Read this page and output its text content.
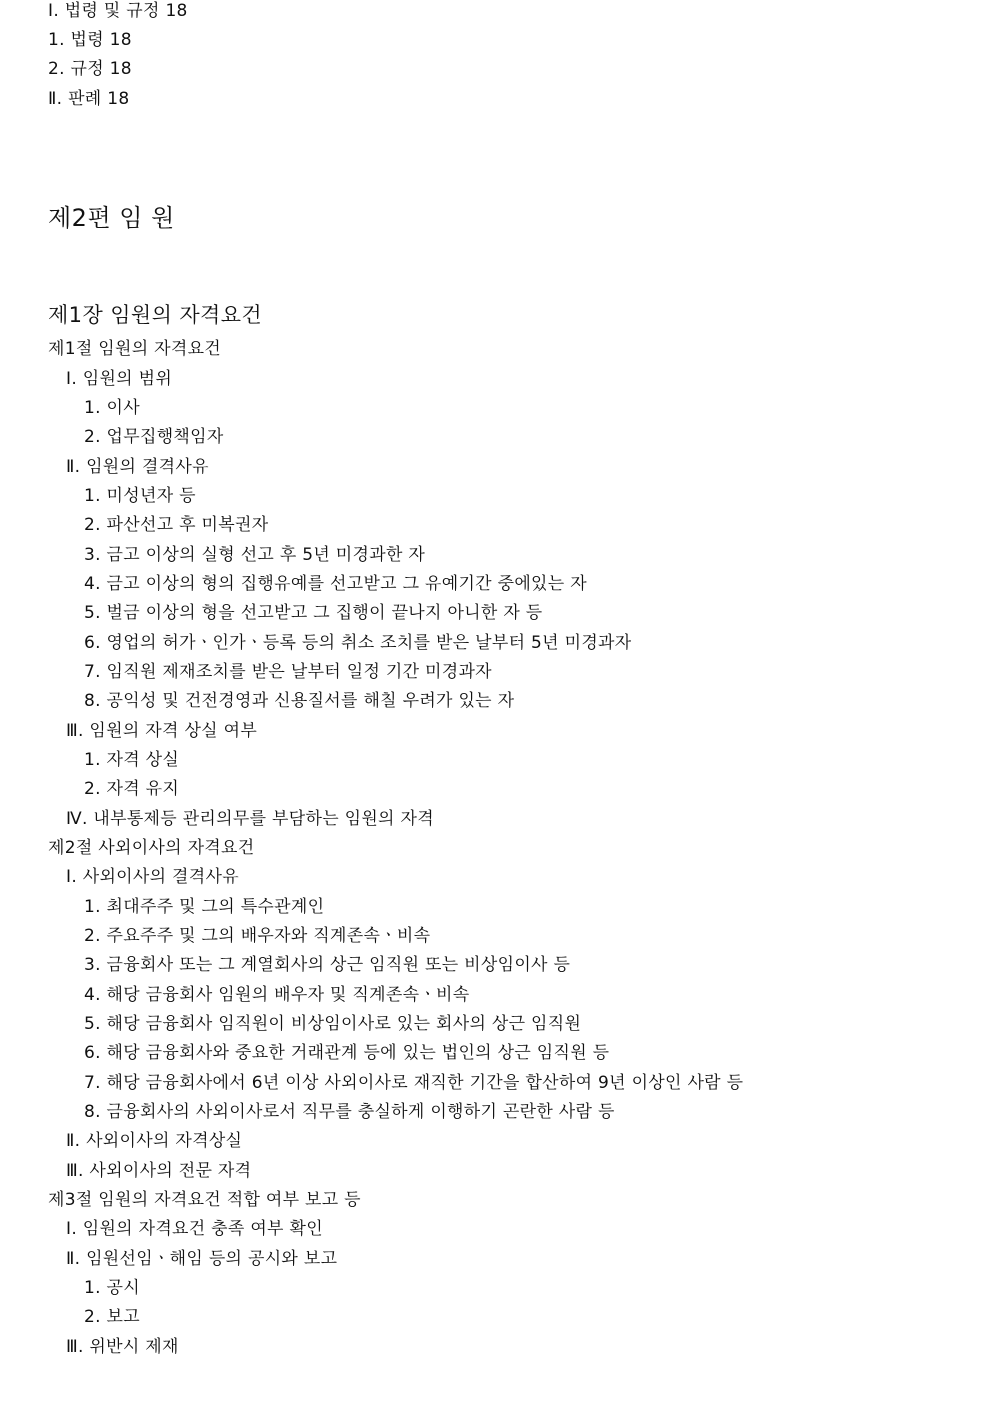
Ⅰ. 법령 및 규정 18
1. 법령 18
2. 규정 18
Ⅱ. 판례 18
제2편 임 원
제1장 임원의 자격요건
제1절 임원의 자격요건
Ⅰ. 임원의 범위
1. 이사
2. 업무집행책임자
Ⅱ. 임원의 결격사유
1. 미성년자 등
2. 파산선고 후 미복권자
3. 금고 이상의 실형 선고 후 5년 미경과한 자
4. 금고 이상의 형의 집행유예를 선고받고 그 유예기간 중에있는 자
5. 벌금 이상의 형을 선고받고 그 집행이 끝나지 아니한 자 등
6. 영업의 허가ㆍ인가ㆍ등록 등의 취소 조치를 받은 날부터 5년 미경과자
7. 임직원 제재조치를 받은 날부터 일정 기간 미경과자
8. 공익성 및 건전경영과 신용질서를 해칠 우려가 있는 자
Ⅲ. 임원의 자격 상실 여부
1. 자격 상실
2. 자격 유지
Ⅳ. 내부통제등 관리의무를 부담하는 임원의 자격
제2절 사외이사의 자격요건
Ⅰ. 사외이사의 결격사유
1. 최대주주 및 그의 특수관계인
2. 주요주주 및 그의 배우자와 직계존속ㆍ비속
3. 금융회사 또는 그 계열회사의 상근 임직원 또는 비상임이사 등
4. 해당 금융회사 임원의 배우자 및 직계존속ㆍ비속
5. 해당 금융회사 임직원이 비상임이사로 있는 회사의 상근 임직원
6. 해당 금융회사와 중요한 거래관계 등에 있는 법인의 상근 임직원 등
7. 해당 금융회사에서 6년 이상 사외이사로 재직한 기간을 합산하여 9년 이상인 사람 등
8. 금융회사의 사외이사로서 직무를 충실하게 이행하기 곤란한 사람 등
Ⅱ. 사외이사의 자격상실
Ⅲ. 사외이사의 전문 자격
제3절 임원의 자격요건 적합 여부 보고 등
Ⅰ. 임원의 자격요건 충족 여부 확인
Ⅱ. 임원선임ㆍ해임 등의 공시와 보고
1. 공시
2. 보고
Ⅲ. 위반시 제재
